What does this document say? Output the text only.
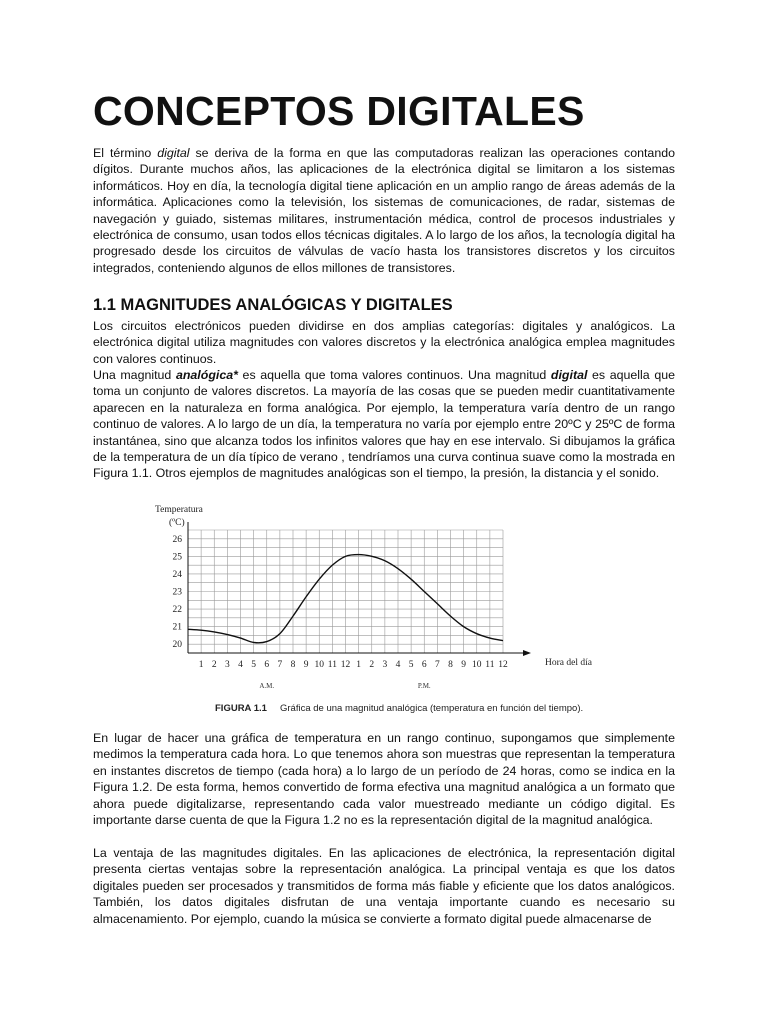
CONCEPTOS DIGITALES

El término digital se deriva de la forma en que las computadoras realizan las operaciones contando dígitos. Durante muchos años, las aplicaciones de la electrónica digital se limitaron a los sistemas informáticos. Hoy en día, la tecnología digital tiene aplicación en un amplio rango de áreas además de la informática. Aplicaciones como la televisión, los sistemas de comunicaciones, de radar, sistemas de navegación y guiado, sistemas militares, instrumentación médica, control de procesos industriales y electrónica de consumo, usan todos ellos técnicas digitales. A lo largo de los años, la tecnología digital ha progresado desde los circuitos de válvulas de vacío hasta los transistores discretos y los circuitos integrados, conteniendo algunos de ellos millones de transistores.

1.1 MAGNITUDES ANALÓGICAS Y DIGITALES

Los circuitos electrónicos pueden dividirse en dos amplias categorías: digitales y analógicos. La electrónica digital utiliza magnitudes con valores discretos y la electrónica analógica emplea magnitudes con valores continuos.

Una magnitud analógica* es aquella que toma valores continuos. Una magnitud digital es aquella que toma un conjunto de valores discretos. La mayoría de las cosas que se pueden medir cuantitativamente aparecen en la naturaleza en forma analógica. Por ejemplo, la temperatura varía dentro de un rango continuo de valores. A lo largo de un día, la temperatura no varía por ejemplo entre 20ºC y 25ºC de forma instantánea, sino que alcanza todos los infinitos valores que hay en ese intervalo. Si dibujamos la gráfica de la temperatura de un día típico de verano , tendríamos una curva continua suave como la mostrada en Figura 1.1. Otros ejemplos de magnitudes analógicas son el tiempo, la presión, la distancia y el sonido.

20
21
22
23
24
25
26
1 2 3 4 5 6 7 8 9 10 11 12 1 2 3 4 5 6 7 8 9 10 11 12
Temperatura
(ºC)
Hora del día
A.M.	P.M.
FIGURA 1.1 Gráfica de una magnitud analógica (temperatura en función del tiempo).

En lugar de hacer una gráfica de temperatura en un rango continuo, supongamos que simplemente medimos la temperatura cada hora. Lo que tenemos ahora son muestras que representan la temperatura en instantes discretos de tiempo (cada hora) a lo largo de un período de 24 horas, como se indica en la Figura 1.2. De esta forma, hemos convertido de forma efectiva una magnitud analógica a un formato que ahora puede digitalizarse, representando cada valor muestreado mediante un código digital. Es importante darse cuenta de que la Figura 1.2 no es la representación digital de la magnitud analógica.

La ventaja de las magnitudes digitales. En las aplicaciones de electrónica, la representación digital presenta ciertas ventajas sobre la representación analógica. La principal ventaja es que los datos digitales pueden ser procesados y transmitidos de forma más fiable y eficiente que los datos analógicos. También, los datos digitales disfrutan de una ventaja importante cuando es necesario su almacenamiento. Por ejemplo, cuando la música se convierte a formato digital puede almacenarse de
